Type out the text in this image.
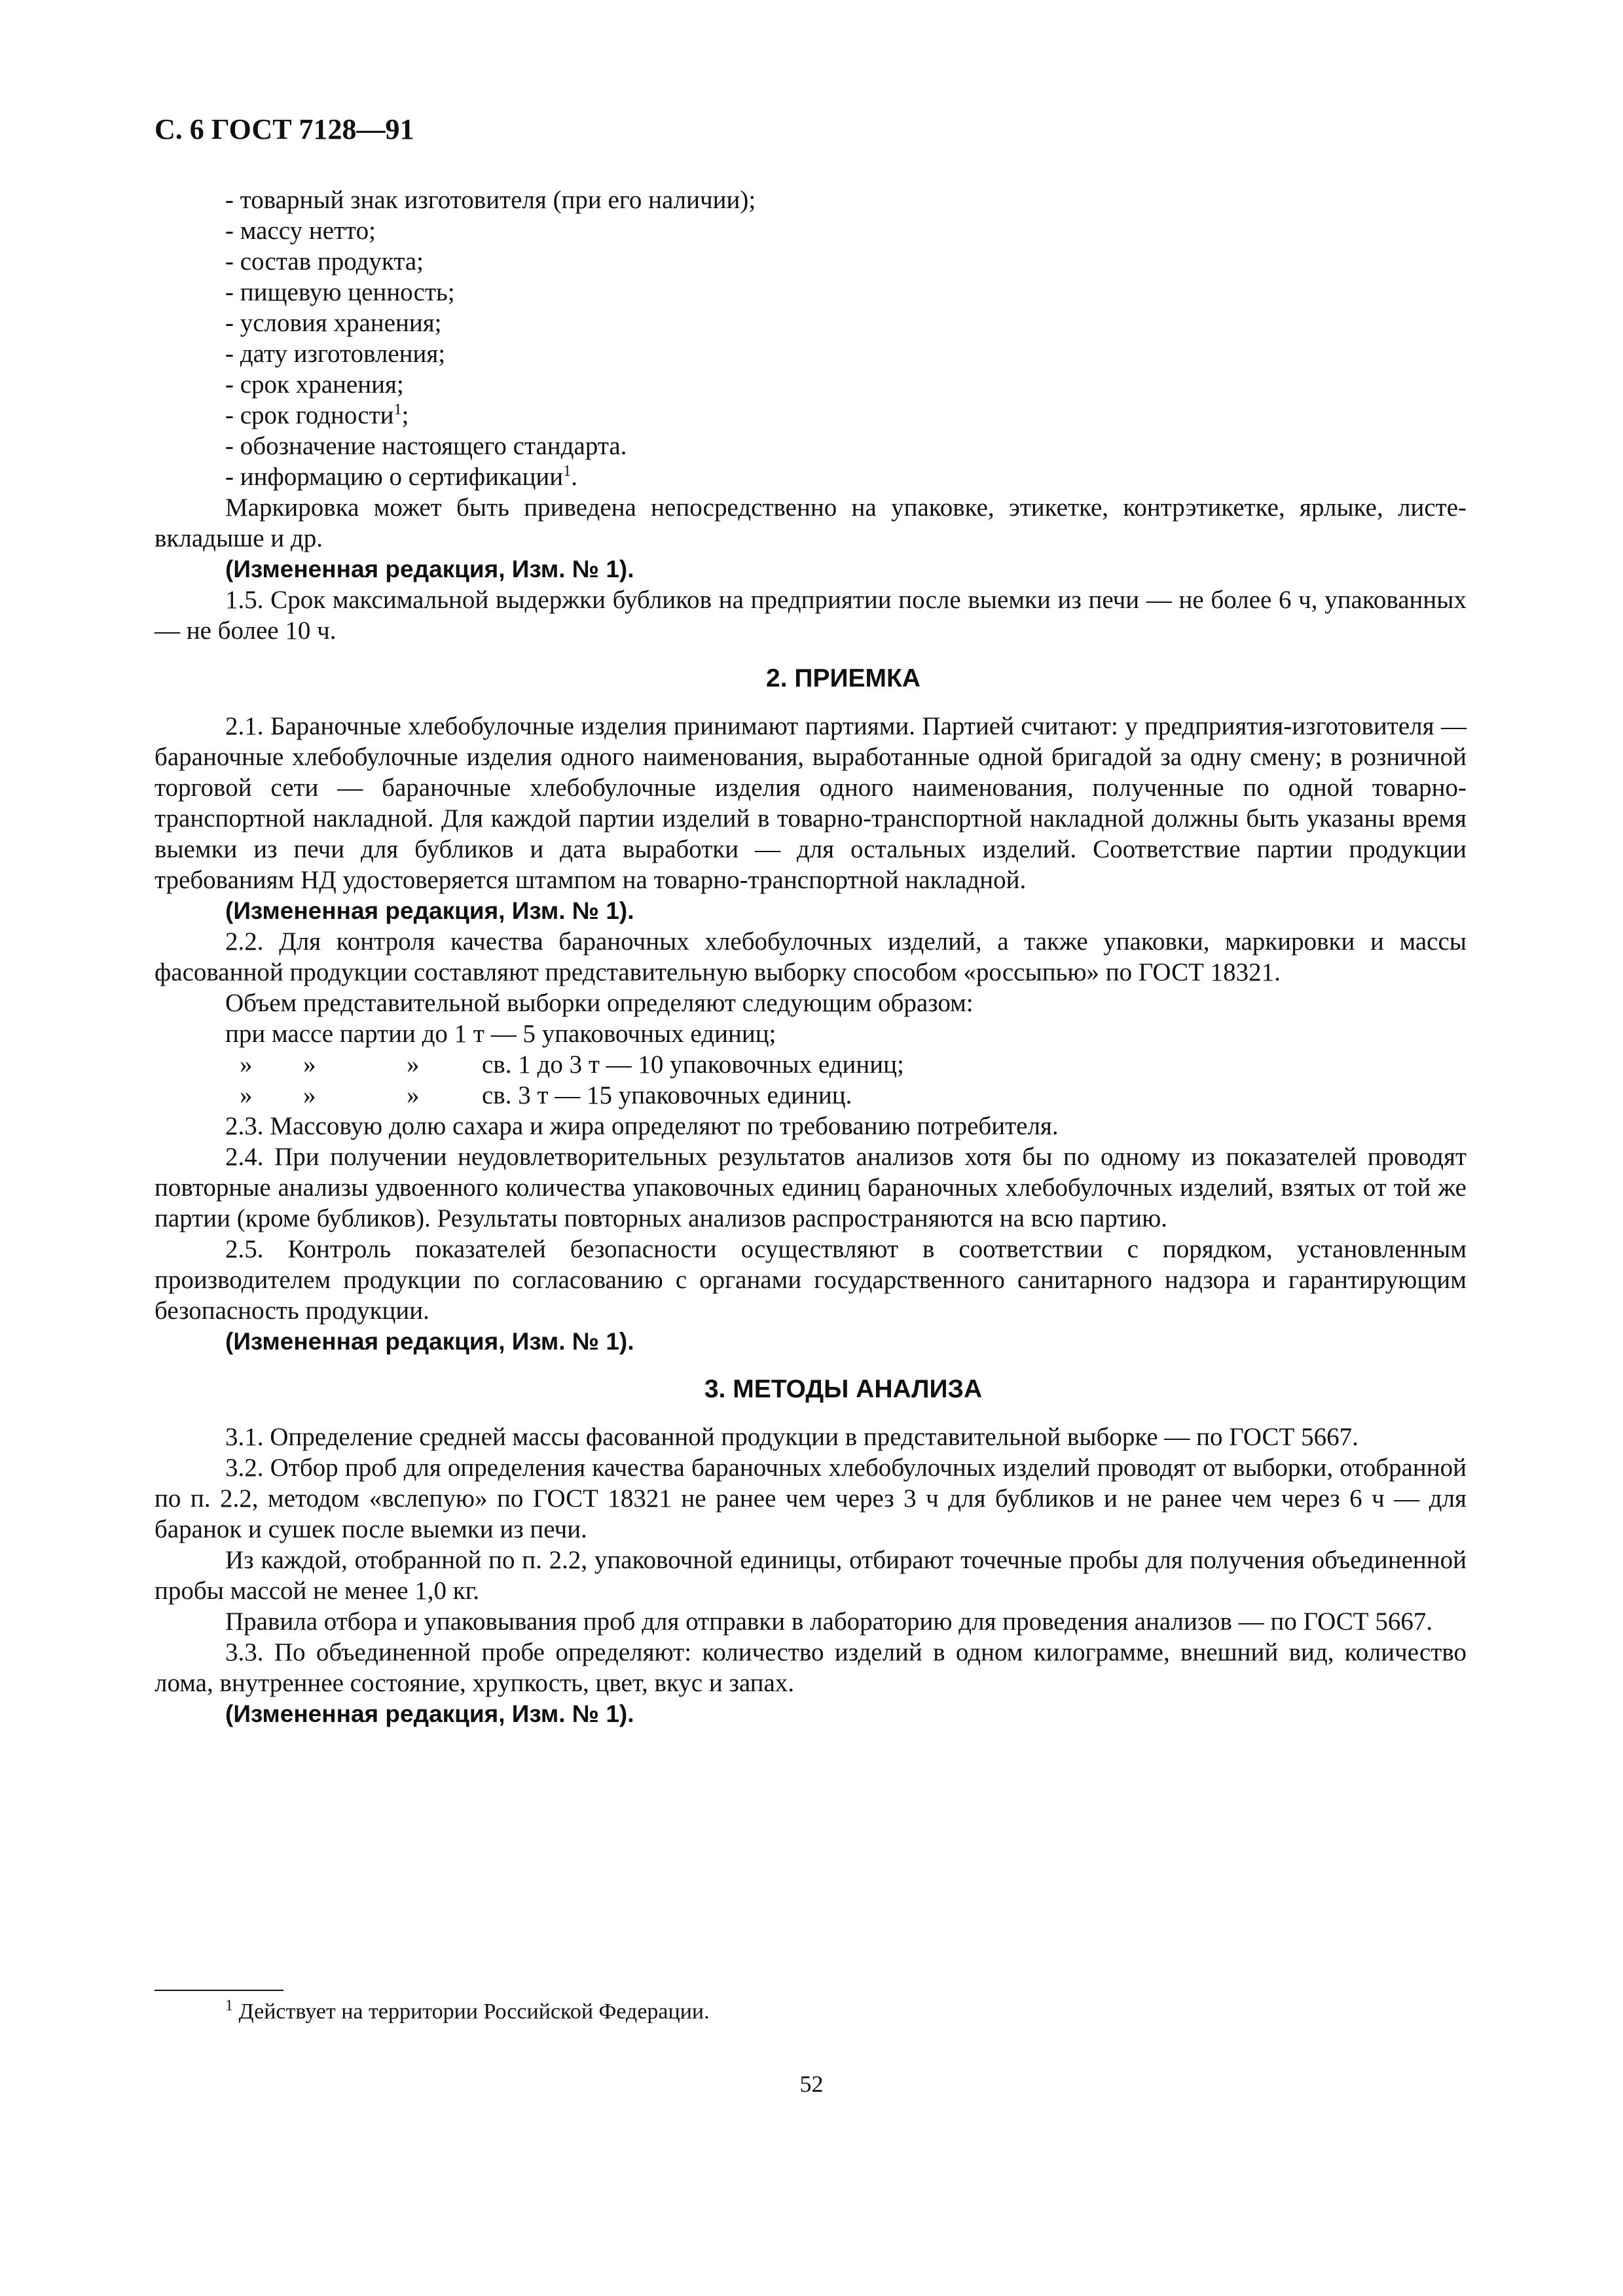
С. 6 ГОСТ 7128—91
- товарный знак изготовителя (при его наличии);
- массу нетто;
- состав продукта;
- пищевую ценность;
- условия хранения;
- дату изготовления;
- срок хранения;
- срок годности$^1$;
- обозначение настоящего стандарта.
- информацию о сертификации$^1$.
Маркировка может быть приведена непосредственно на упаковке, этикетке, контрэтикетке, ярлыке, листе-вкладыше и др.
(Измененная редакция, Изм. № 1).
1.5. Срок максимальной выдержки бубликов на предприятии после выемки из печи — не более 6 ч, упакованных — не более 10 ч.
2. ПРИЕМКА
2.1. Бараночные хлебобулочные изделия принимают партиями. Партией считают: у предприятия-изготовителя — бараночные хлебобулочные изделия одного наименования, выработанные одной бригадой за одну смену; в розничной торговой сети — бараночные хлебобулочные изделия одного наименования, полученные по одной товарно-транспортной накладной. Для каждой партии изделий в товарно-транспортной накладной должны быть указаны время выемки из печи для бубликов и дата выработки — для остальных изделий. Соответствие партии продукции требованиям НД удостоверяется штампом на товарно-транспортной накладной.
(Измененная редакция, Изм. № 1).
2.2. Для контроля качества бараночных хлебобулочных изделий, а также упаковки, маркировки и массы фасованной продукции составляют представительную выборку способом «россыпью» по ГОСТ 18321.
Объем представительной выборки определяют следующим образом:
при массе партии до 1 т — 5 упаковочных единиц;
»	»	»	св. 1 до 3 т — 10 упаковочных единиц;
»	»	»	св. 3 т — 15 упаковочных единиц.
2.3. Массовую долю сахара и жира определяют по требованию потребителя.
2.4. При получении неудовлетворительных результатов анализов хотя бы по одному из показателей проводят повторные анализы удвоенного количества упаковочных единиц бараночных хлебобулочных изделий, взятых от той же партии (кроме бубликов). Результаты повторных анализов распространяются на всю партию.
2.5. Контроль показателей безопасности осуществляют в соответствии с порядком, установленным производителем продукции по согласованию с органами государственного санитарного надзора и гарантирующим безопасность продукции.
(Измененная редакция, Изм. № 1).
3. МЕТОДЫ АНАЛИЗА
3.1. Определение средней массы фасованной продукции в представительной выборке — по ГОСТ 5667.
3.2. Отбор проб для определения качества бараночных хлебобулочных изделий проводят от выборки, отобранной по п. 2.2, методом «вслепую» по ГОСТ 18321 не ранее чем через 3 ч для бубликов и не ранее чем через 6 ч — для баранок и сушек после выемки из печи.
Из каждой, отобранной по п. 2.2, упаковочной единицы, отбирают точечные пробы для получения объединенной пробы массой не менее 1,0 кг.
Правила отбора и упаковывания проб для отправки в лабораторию для проведения анализов — по ГОСТ 5667.
3.3. По объединенной пробе определяют: количество изделий в одном килограмме, внешний вид, количество лома, внутреннее состояние, хрупкость, цвет, вкус и запах.
(Измененная редакция, Изм. № 1).
$^1$ Действует на территории Российской Федерации.
52
